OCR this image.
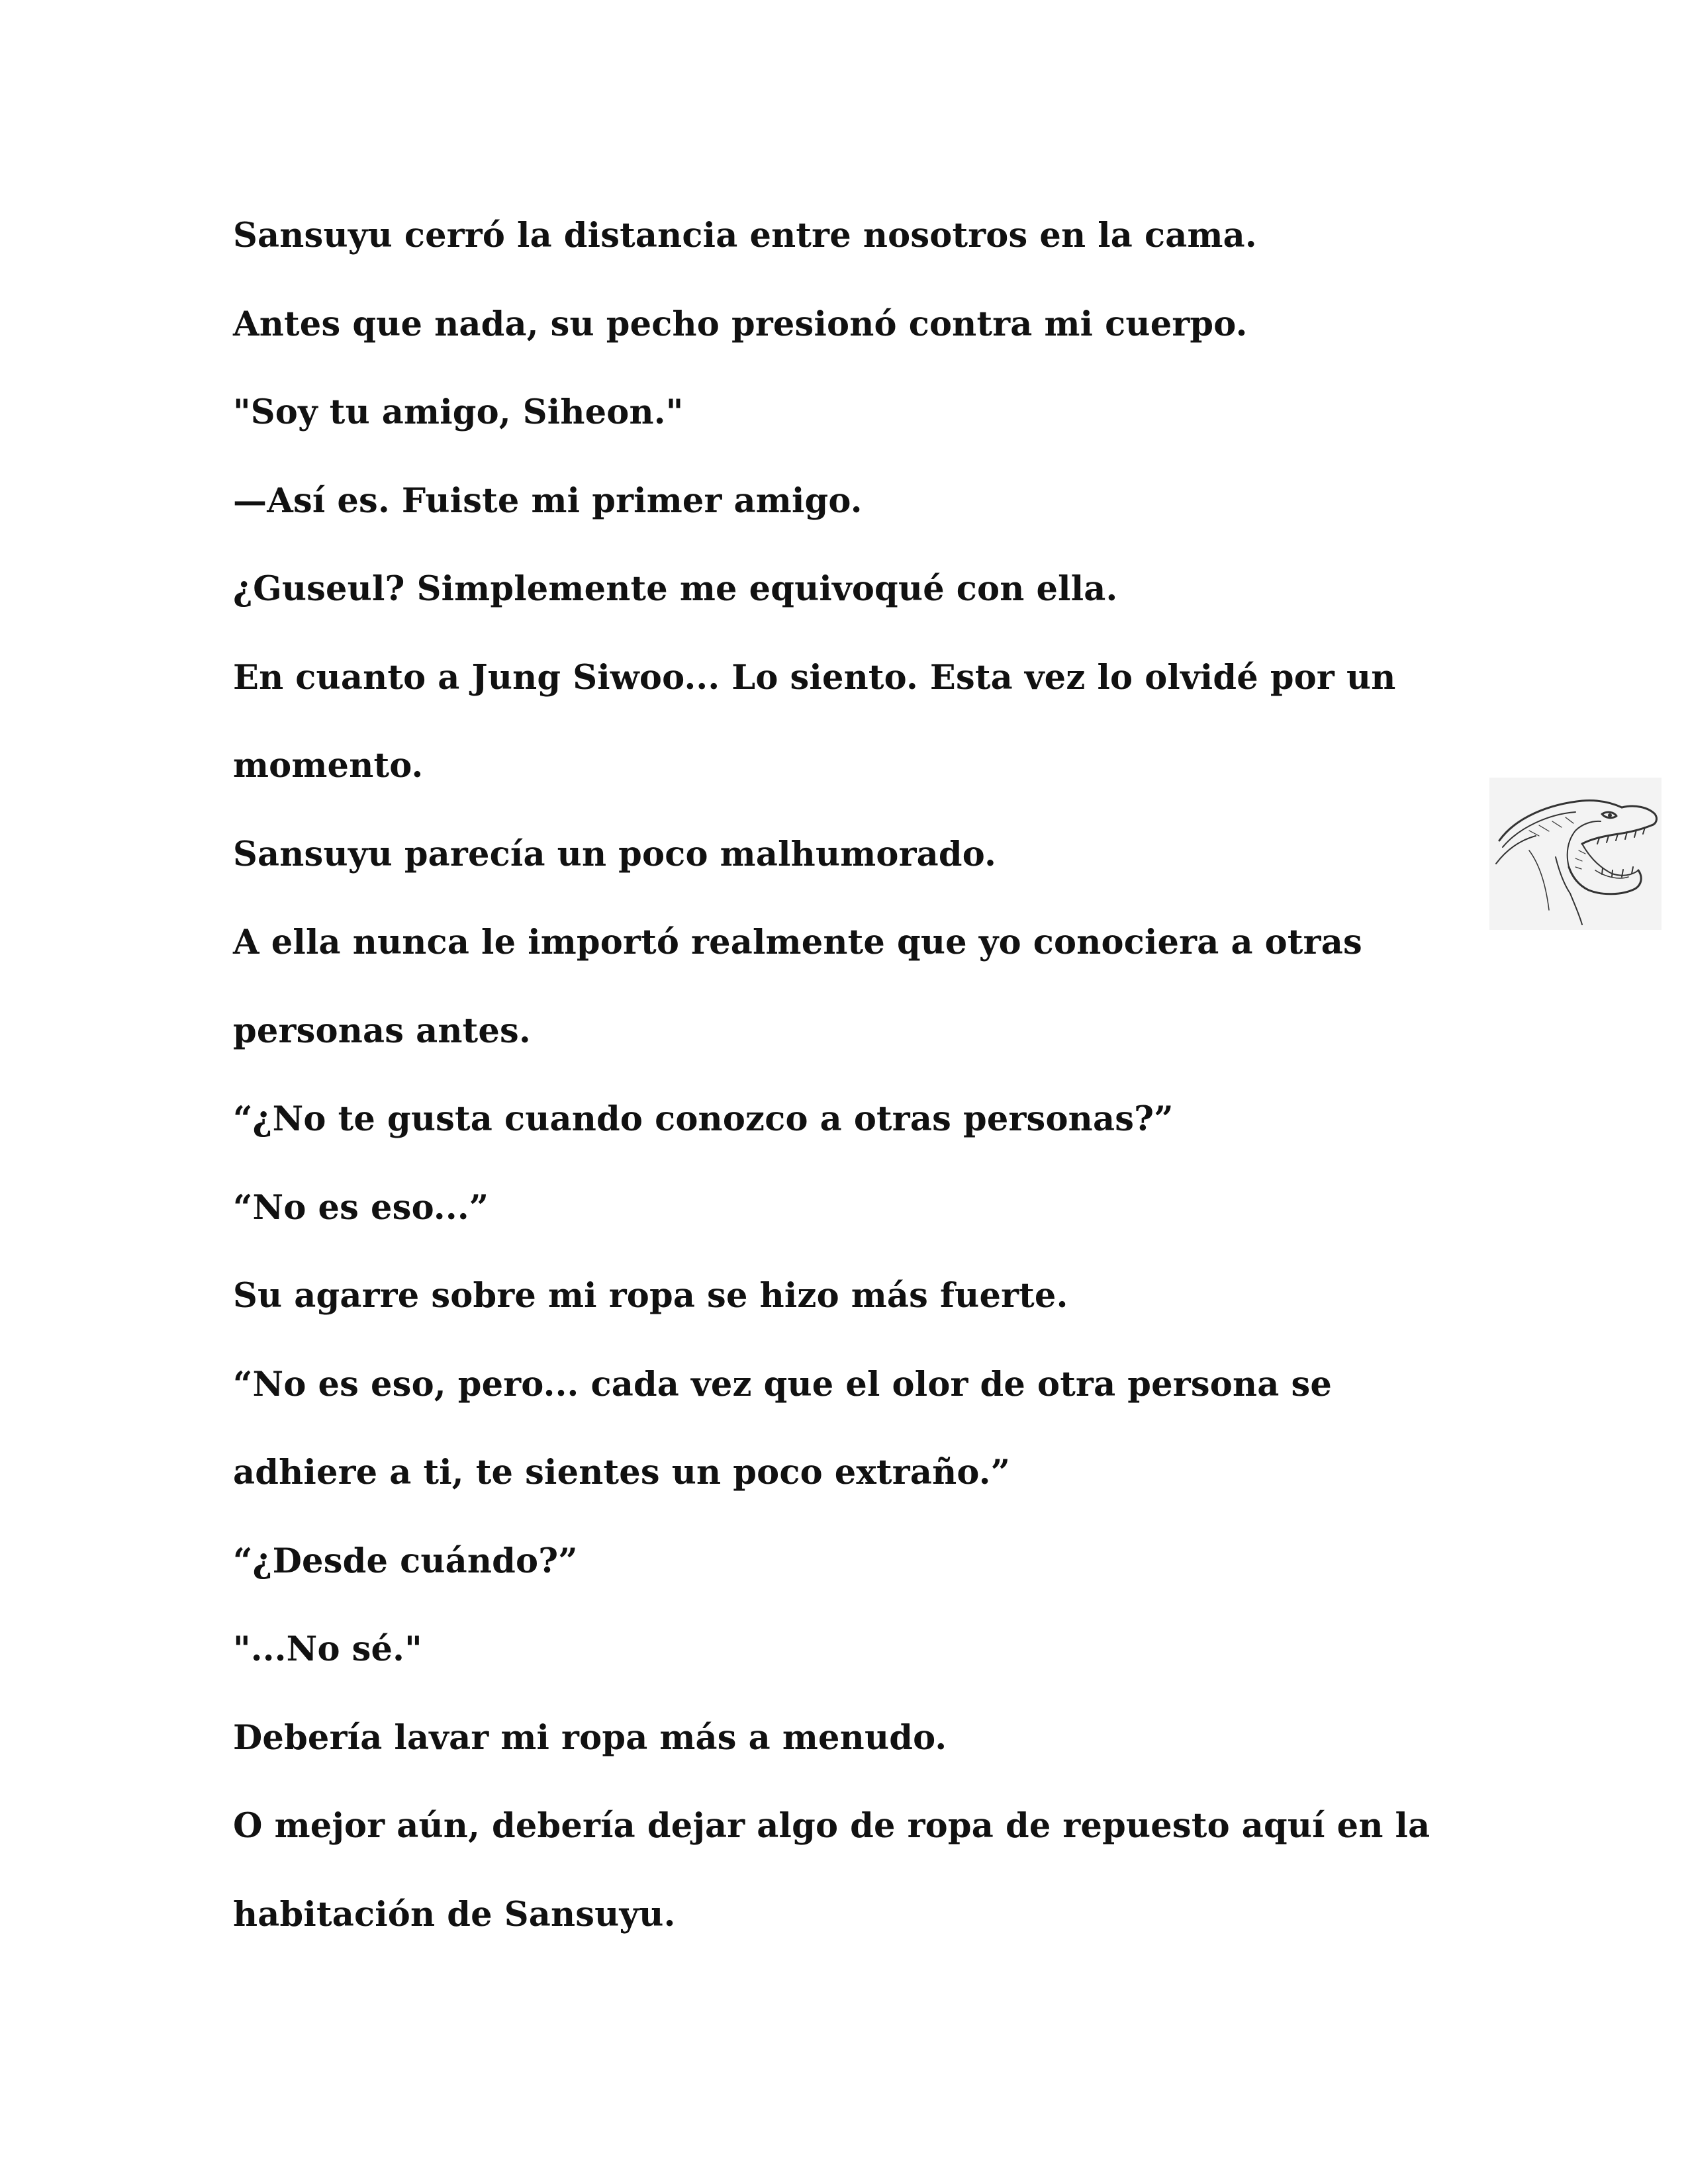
Sansuyu cerró la distancia entre nosotros en la cama.
Antes que nada, su pecho presionó contra mi cuerpo.
"Soy tu amigo, Siheon."
—Así es. Fuiste mi primer amigo.
¿Guseul? Simplemente me equivoqué con ella.
En cuanto a Jung Siwoo... Lo siento. Esta vez lo olvidé por un
momento.
Sansuyu parecía un poco malhumorado.
A ella nunca le importó realmente que yo conociera a otras
personas antes.
“¿No te gusta cuando conozco a otras personas?”
“No es eso...”
Su agarre sobre mi ropa se hizo más fuerte.
“No es eso, pero... cada vez que el olor de otra persona se
adhiere a ti, te sientes un poco extraño.”
“¿Desde cuándo?”
"...No sé."
Debería lavar mi ropa más a menudo.
O mejor aún, debería dejar algo de ropa de repuesto aquí en la
habitación de Sansuyu.
